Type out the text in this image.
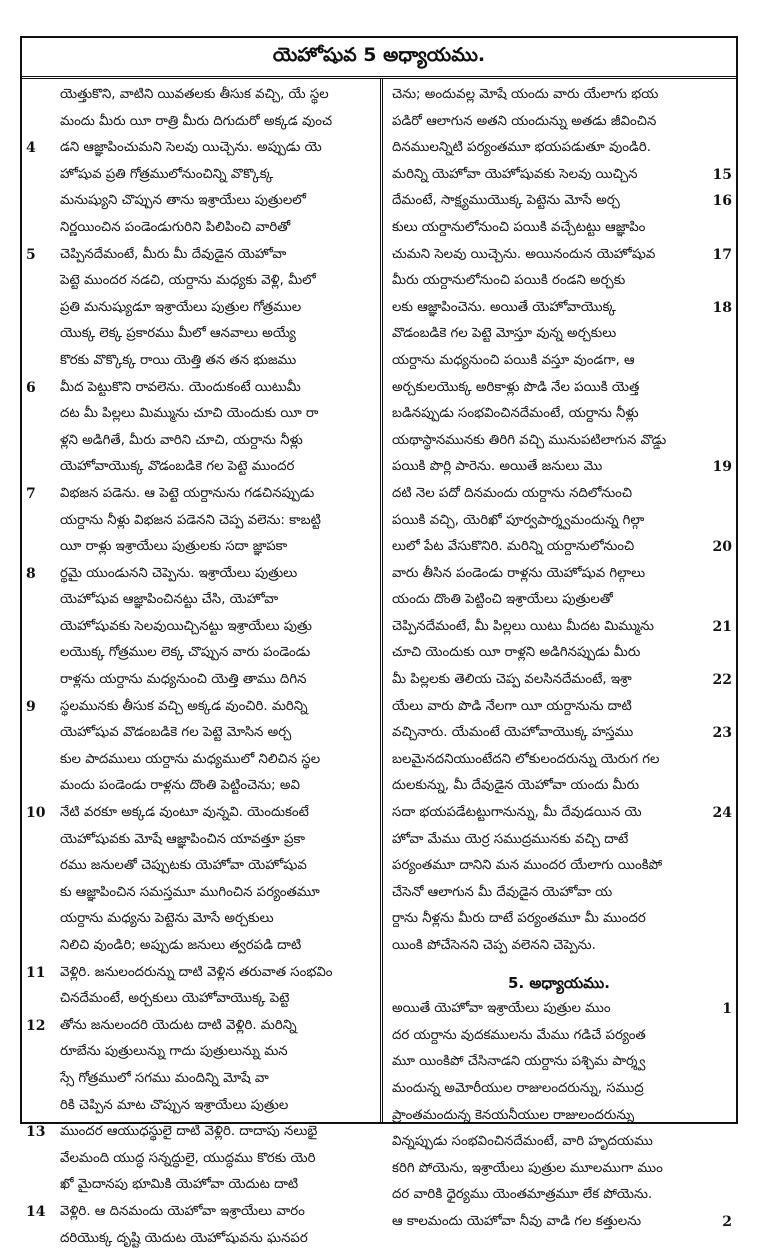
యెహోషువ 5 అధ్యాయము.
యెత్తుకొని, వాటిని యివతలకు తీసుక వచ్చి, యే స్థల
మందు మీరు యీ రాత్రి మీరు దిగుదురో అక్కడ వుంచ
4 డని ఆజ్ఞాపించుమని సెలవు యిచ్చెను. అప్పుడు యె
హోషువ ప్రతి గోత్రములోనుంచిన్ని వొక్కొక్క
మనుష్యుని చొప్పున తాను ఇశ్రాయేలు పుత్రులలో
నిర్ణయించిన పండెండుగురిని పిలిపించి వారితో
5 చెప్పినదేమంటే, మీరు మీ దేవుడైన యెహోవా
పెట్టె ముందర నడచి, యర్దాను మధ్యకు వెళ్లి, మీలో
ప్రతి మనుష్యుడూ ఇశ్రాయేలు పుత్రుల గోత్రముల
యొక్క లెక్క ప్రకారము మీలో ఆనవాలు అయ్యే
కొరకు వొక్కొక్క రాయి యెత్తి తన తన భుజము
6 మీద పెట్టుకొని రావలెను. యెందుకంటే యిటుమీ
దట మీ పిల్లలు మిమ్మును చూచి యెందుకు యీ రా
ళ్లని అడిగితే, మీరు వారిని చూచి, యర్దాను నీళ్లు
యెహోవాయొక్క వొడంబడికె గల పెట్టె ముందర
7 విభజన పడెను. ఆ పెట్టె యర్దానును గడచినప్పుడు
యర్దాను నీళ్లు విభజన పడెనని చెప్ప వలెను: కాబట్టి
యీ రాళ్లు ఇశ్రాయేలు పుత్రులకు సదా జ్ఞాపకా
8 ర్థమై యుండునని చెప్పెను. ఇశ్రాయేలు పుత్రులు
యెహోషువ ఆజ్ఞాపించినట్టు చేసి, యెహోవా
యెహోషువకు సెలవుయిచ్చినట్టు ఇశ్రాయేలు పుత్రు
లయొక్క గోత్రముల లెక్క చొప్పున వారు పండెండు
రాళ్లను యర్దాను మధ్యనుంచి యెత్తి తాము దిగిన
9 స్థలమునకు తీసుక వచ్చి అక్కడ వుంచిరి. మరిన్ని
యెహోషువ వొడంబడికె గల పెట్టె మోసిన అర్చ
కుల పాదములు యర్దాను మధ్యములో నిలిచిన స్థల
మందు పండెండు రాళ్లను దొంతి పెట్టించెను; అవి
10 నేటి వరకూ అక్కడ వుంటూ వున్నవి. యెందుకంటే
యెహోషువకు మోషే ఆజ్ఞాపించిన యావత్తూ ప్రకా
రము జనులతో చెప్పుటకు యెహోవా యెహోషువ
కు ఆజ్ఞాపించిన సమస్తమూ ముగించిన పర్యంతమూ
యర్దాను మధ్యను పెట్టెను మోసే అర్చకులు
నిలిచి వుండిరి; అప్పుడు జనులు త్వరపడి దాటి
11 వెళ్లిరి. జనులందరున్ను దాటి వెళ్లిన తరువాత సంభవిం
చినదేమంటే, అర్చకులు యెహోవాయొక్క పెట్టె
12 తోను జనులందరి యెదుట దాటి వెళ్లిరి. మరిన్ని
రూబేను పుత్రులున్ను గాదు పుత్రులున్ను మన
స్సే గోత్రములో సగము మందిన్ని మోషే వా
రికి చెప్పిన మాట చొప్పున ఇశ్రాయేలు పుత్రుల
13 ముందర ఆయుధస్థులై దాటి వెళ్లిరి. దాదాపు నలుభై
వేలమంది యుద్ధ సన్నద్ధులై, యుద్ధము కొరకు యెరి
ఖో మైదానపు భూమికి యెహోవా యెదుట దాటి
14 వెళ్లిరి. ఆ దినమందు యెహోవా ఇశ్రాయేలు వారం
దరియొక్క దృష్టి యెదుట యెహోషువను ఘనపర
చెను; అందువల్ల మోషే యందు వారు యేలాగు భయ
పడిరో ఆలాగున అతని యందున్ను అతడు జీవించిన
దినములన్నిటి పర్యంతమూ భయపడుతూ వుండిరి.
15
మరిన్ని యెహోవా యెహోషువకు సెలవు యిచ్చిన
16
దేమంటే, సాక్ష్యముయొక్క పెట్టెను మోసే అర్చ
కులు యర్దానులోనుంచి పయికి వచ్చేటట్టు ఆజ్ఞాపిం
17
చుమని సెలవు యిచ్చెను. అయినందున యెహోషువ
మీరు యర్దానులోనుంచి పయికి రండని అర్చకు
18
లకు ఆజ్ఞాపించెను. అయితే యెహోవాయొక్క
వొడంబడికె గల పెట్టె మోస్తూ వున్న అర్చకులు
యర్దాను మధ్యనుంచి పయికి వస్తూ వుండగా, ఆ
అర్చకులయొక్క అరికాళ్లు పొడి నేల పయికి యెత్త
బడినప్పుడు సంభవించినదేమంటే, యర్దాను నీళ్లు
యథాస్థానమునకు తిరిగి వచ్చి మునుపటిలాగున వొడ్డు
19
పయికి పొర్లి పారెను. అయితే జనులు మొ
దటి నెల పదో దినమందు యర్దాను నదిలోనుంచి
పయికి వచ్చి, యెరిఖో పూర్వపార్శ్వమందున్న గిల్గా
20
లులో పేట వేసుకొనిరి. మరిన్ని యర్దానులోనుంచి
వారు తీసిన పండెండు రాళ్లను యెహోషువ గిల్గాలు
యందు దొంతి పెట్టించి ఇశ్రాయేలు పుత్రులతో
21
చెప్పినదేమంటే, మీ పిల్లలు యిటు మీదట మిమ్మును
చూచి యెందుకు యీ రాళ్లని అడిగినప్పుడు మీరు
22
మీ పిల్లలకు తెలియ చెప్ప వలసినదేమంటే, ఇశ్రా
యేలు వారు పొడి నేలగా యీ యర్దానును దాటి
23
వచ్చినారు. యేమంటే యెహోవాయొక్క హస్తము
బలమైనదనియుంటేదని లోకులందరున్ను యెరుగ గల
దులకున్ను, మీ దేవుడైన యెహోవా యందు మీరు
24
సదా భయపడేటట్టుగానున్ను, మీ దేవుడయిన యె
హోవా మేము యెర్ర సముద్రమునకు వచ్చి దాటే
పర్యంతమూ దానిని మన ముందర యేలాగు యింకిపో
చేసెనో ఆలాగున మీ దేవుడైన యెహోవా య
ర్దాను నీళ్లను మీరు దాటే పర్యంతమూ మీ ముందర
యింకి పోచేసెనని చెప్ప వలెనని చెప్పెను.
5. అధ్యాయము.
1
అయితే యెహోవా ఇశ్రాయేలు పుత్రుల ముం
దర యర్దాను వుదకములను మేము గడిచే పర్యంత
మూ యింకిపో చేసినాడని యర్దాను పశ్చిమ పార్శ్వ
మందున్న అమోరీయుల రాజులందరున్ను, సముద్ర
ప్రాంతమందున్న కెనయనీయుల రాజులందరున్ను
విన్నప్పుడు సంభవించినదేమంటే, వారి హృదయము
కరిగి పోయెను, ఇశ్రాయేలు పుత్రుల మూలముగా ముం
దర వారికి ధైర్యము యెంతమాత్రమూ లేక పోయెను.
2
ఆ కాలమందు యెహోవా నీవు వాడి గల కత్తులను
